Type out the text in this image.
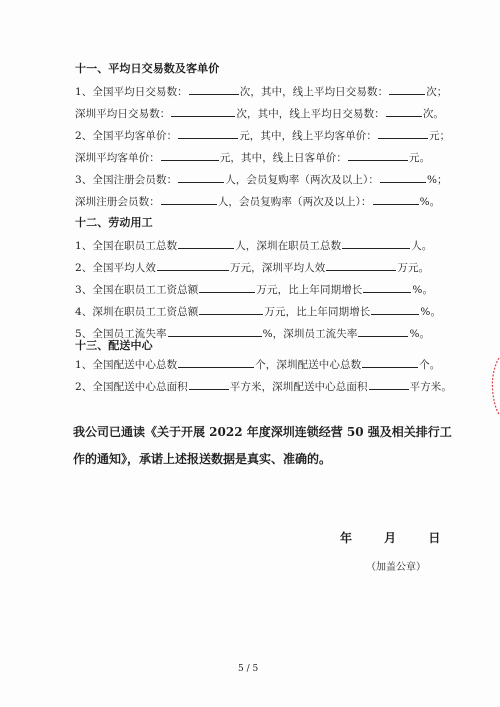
十一、平均日交易数及客单价
1、全国平均日交易数：	次，其中，线上平均日交易数：	次；
深圳平均日交易数：	次，其中，线上平均日交易数：	次。
2、全国平均客单价：	元，其中，线上平均客单价：	元；
深圳平均客单价：	元，其中，线上日客单价：	元。
3、全国注册会员数：	人，会员复购率（两次及以上）：	%；
深圳注册会员数：	人，会员复购率（两次及以上）：	%。
十二、劳动用工
1、全国在职员工总数	人，深圳在职员工总数	人。
2、全国平均人效	万元，深圳平均人效	万元。
3、全国在职员工工资总额	万元，比上年同期增长	%。
4、深圳在职员工工资总额	万元，比上年同期增长	%。
5、全国员工流失率	%，深圳员工流失率	%。
十三、配送中心
1、全国配送中心总数	个，深圳配送中心总数	个。
2、全国配送中心总面积	平方米，深圳配送中心总面积	平方米。
我公司已通读《关于开展 2022 年度深圳连锁经营 50 强及相关排行工
作的通知》，承诺上述报送数据是真实、准确的。
年 月 日
（加盖公章）
5 / 5
